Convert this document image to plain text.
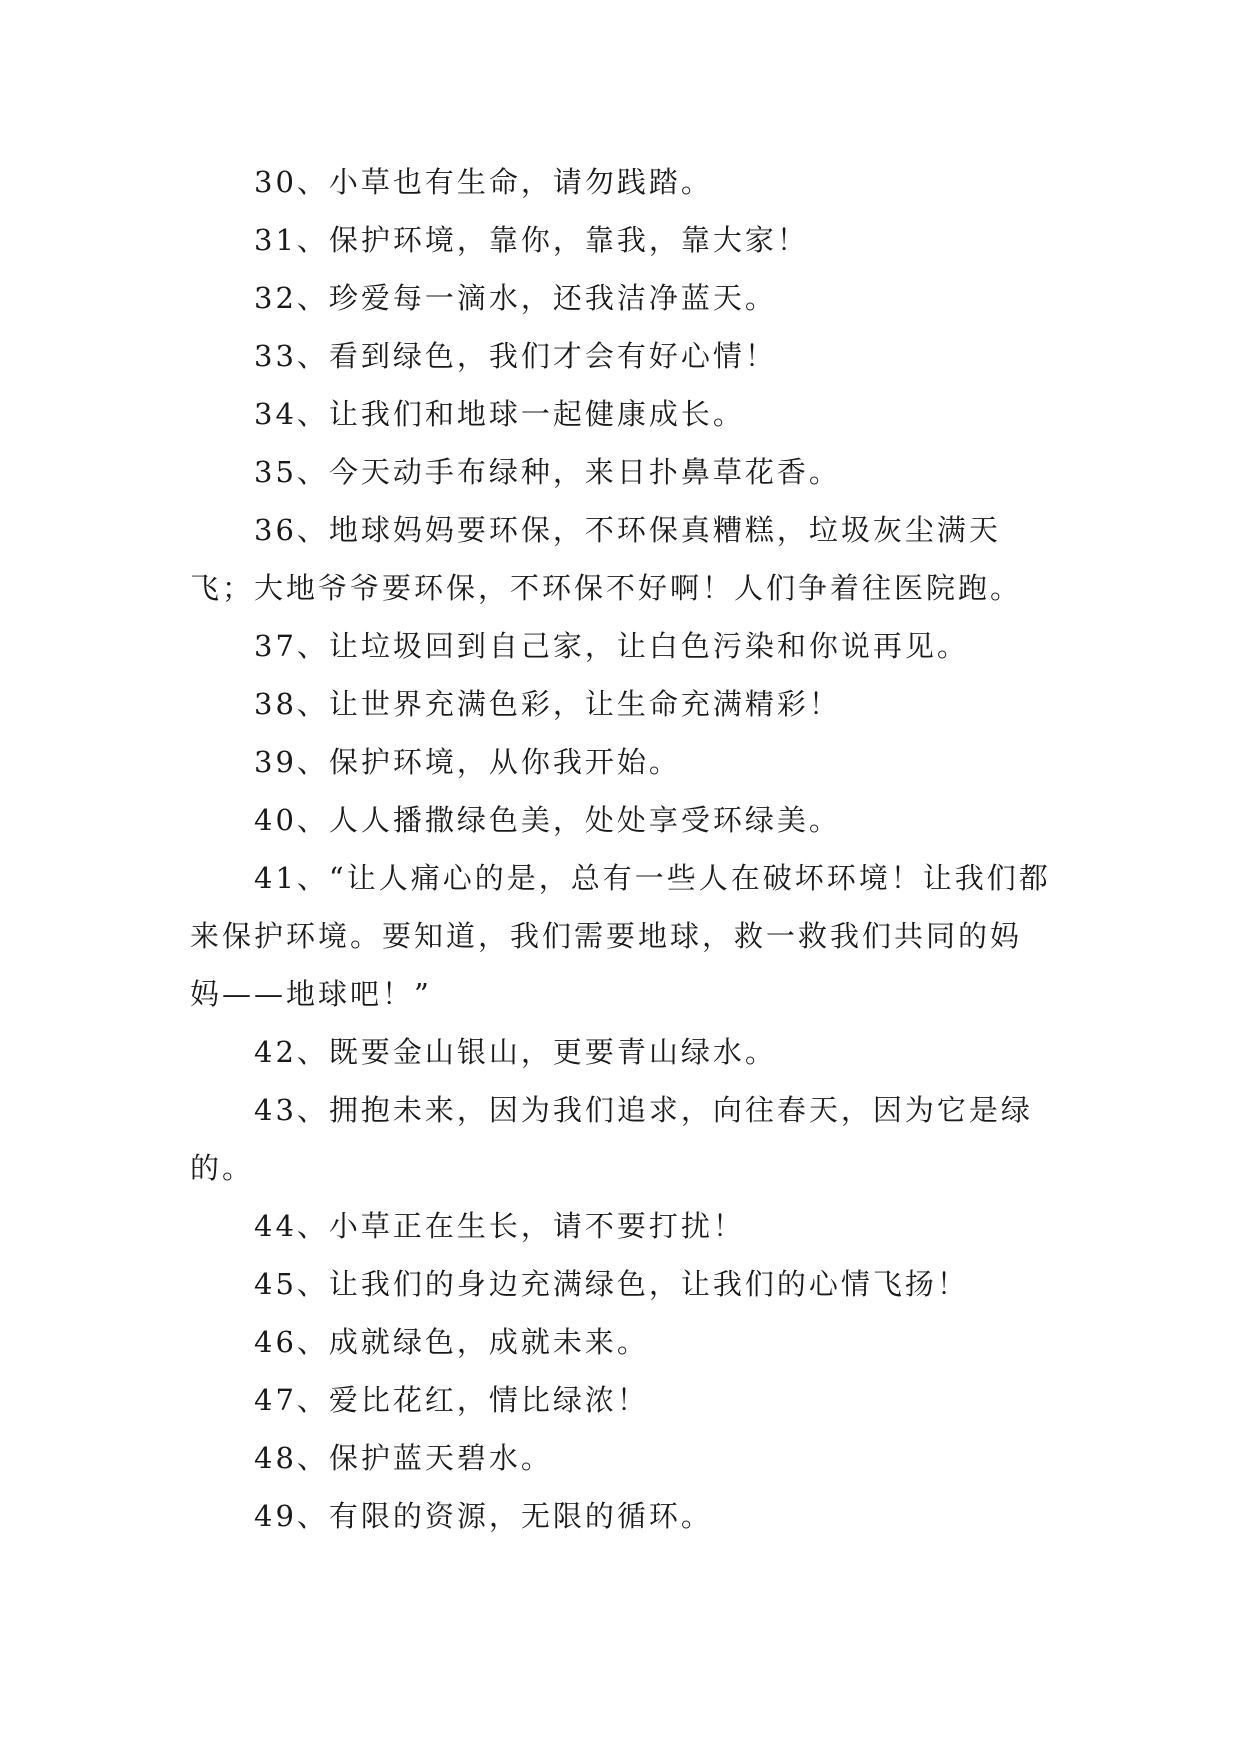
30、小草也有生命，请勿践踏。

31、保护环境，靠你，靠我，靠大家！

32、珍爱每一滴水，还我洁净蓝天。

33、看到绿色，我们才会有好心情！

34、让我们和地球一起健康成长。

35、今天动手布绿种，来日扑鼻草花香。

36、地球妈妈要环保，不环保真糟糕，垃圾灰尘满天飞；大地爷爷要环保，不环保不好啊！人们争着往医院跑。

37、让垃圾回到自己家，让白色污染和你说再见。

38、让世界充满色彩，让生命充满精彩！

39、保护环境，从你我开始。

40、人人播撒绿色美，处处享受环绿美。

41、“让人痛心的是，总有一些人在破坏环境！让我们都来保护环境。要知道，我们需要地球，救一救我们共同的妈妈——地球吧！”

42、既要金山银山，更要青山绿水。

43、拥抱未来，因为我们追求，向往春天，因为它是绿的。

44、小草正在生长，请不要打扰！

45、让我们的身边充满绿色，让我们的心情飞扬！

46、成就绿色，成就未来。

47、爱比花红，情比绿浓！

48、保护蓝天碧水。

49、有限的资源，无限的循环。
